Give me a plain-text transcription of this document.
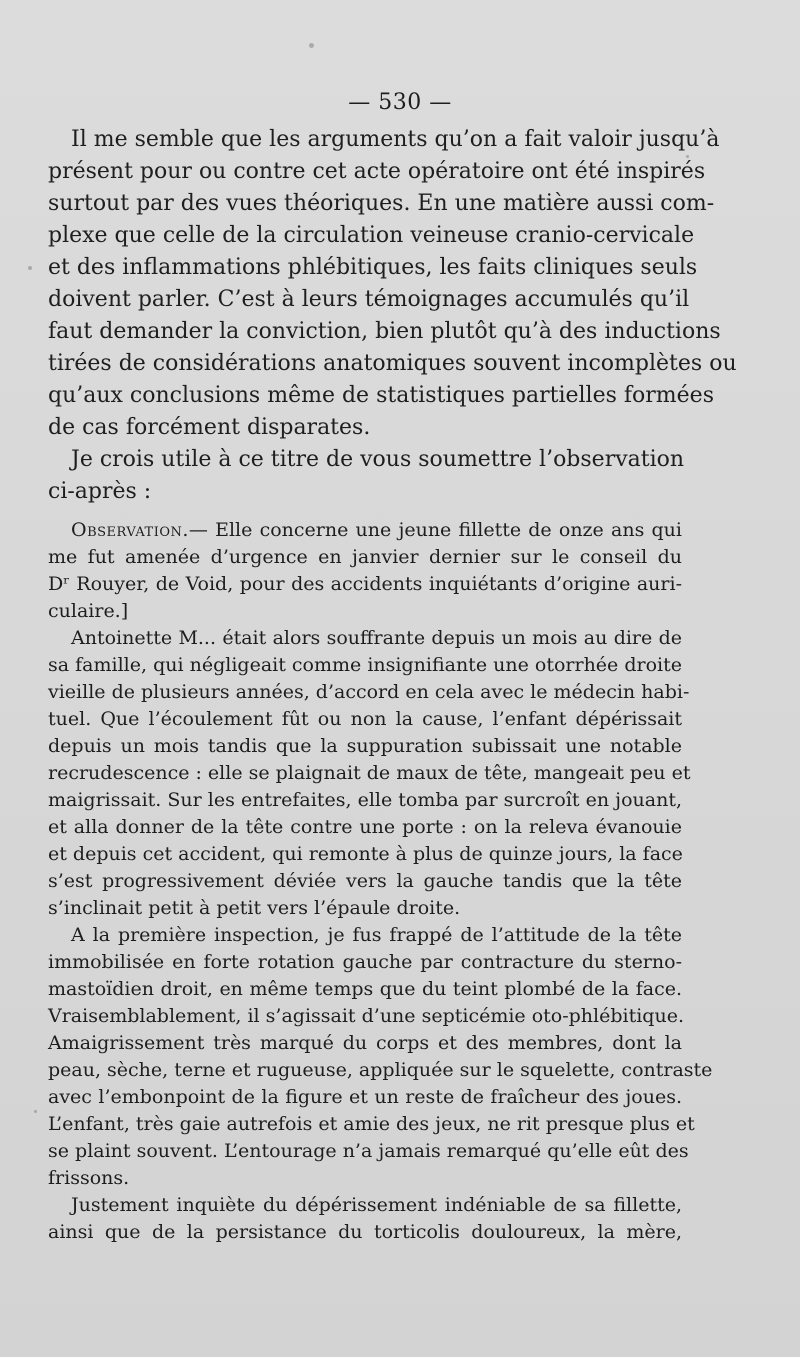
— 530 —
Il me semble que les arguments qu’on a fait valoir jusqu’à
présent pour ou contre cet acte opératoire ont été inspirés
surtout par des vues théoriques. En une matière aussi com-
plexe que celle de la circulation veineuse cranio-cervicale
et des inflammations phlébitiques, les faits cliniques seuls
doivent parler. C’est à leurs témoignages accumulés qu’il
faut demander la conviction, bien plutôt qu’à des inductions
tirées de considérations anatomiques souvent incomplètes ou
qu’aux conclusions même de statistiques partielles formées
de cas forcément disparates.
Je crois utile à ce titre de vous soumettre l’observation
ci-après :
Observation.— Elle concerne une jeune fillette de onze ans qui
me fut amenée d’urgence en janvier dernier sur le conseil du
Dʳ Rouyer, de Void, pour des accidents inquiétants d’origine auri-
culaire.]
Antoinette M... était alors souffrante depuis un mois au dire de
sa famille, qui négligeait comme insignifiante une otorrhée droite
vieille de plusieurs années, d’accord en cela avec le médecin habi-
tuel. Que l’écoulement fût ou non la cause, l’enfant dépérissait
depuis un mois tandis que la suppuration subissait une notable
recrudescence : elle se plaignait de maux de tête, mangeait peu et
maigrissait. Sur les entrefaites, elle tomba par surcroît en jouant,
et alla donner de la tête contre une porte : on la releva évanouie
et depuis cet accident, qui remonte à plus de quinze jours, la face
s’est progressivement déviée vers la gauche tandis que la tête
s’inclinait petit à petit vers l’épaule droite.
A la première inspection, je fus frappé de l’attitude de la tête
immobilisée en forte rotation gauche par contracture du sterno-
mastoïdien droit, en même temps que du teint plombé de la face.
Vraisemblablement, il s’agissait d’une septicémie oto-phlébitique.
Amaigrissement très marqué du corps et des membres, dont la
peau, sèche, terne et rugueuse, appliquée sur le squelette, contraste
avec l’embonpoint de la figure et un reste de fraîcheur des joues.
L’enfant, très gaie autrefois et amie des jeux, ne rit presque plus et
se plaint souvent. L’entourage n’a jamais remarqué qu’elle eût des
frissons.
Justement inquiète du dépérissement indéniable de sa fillette,
ainsi que de la persistance du torticolis douloureux, la mère,
